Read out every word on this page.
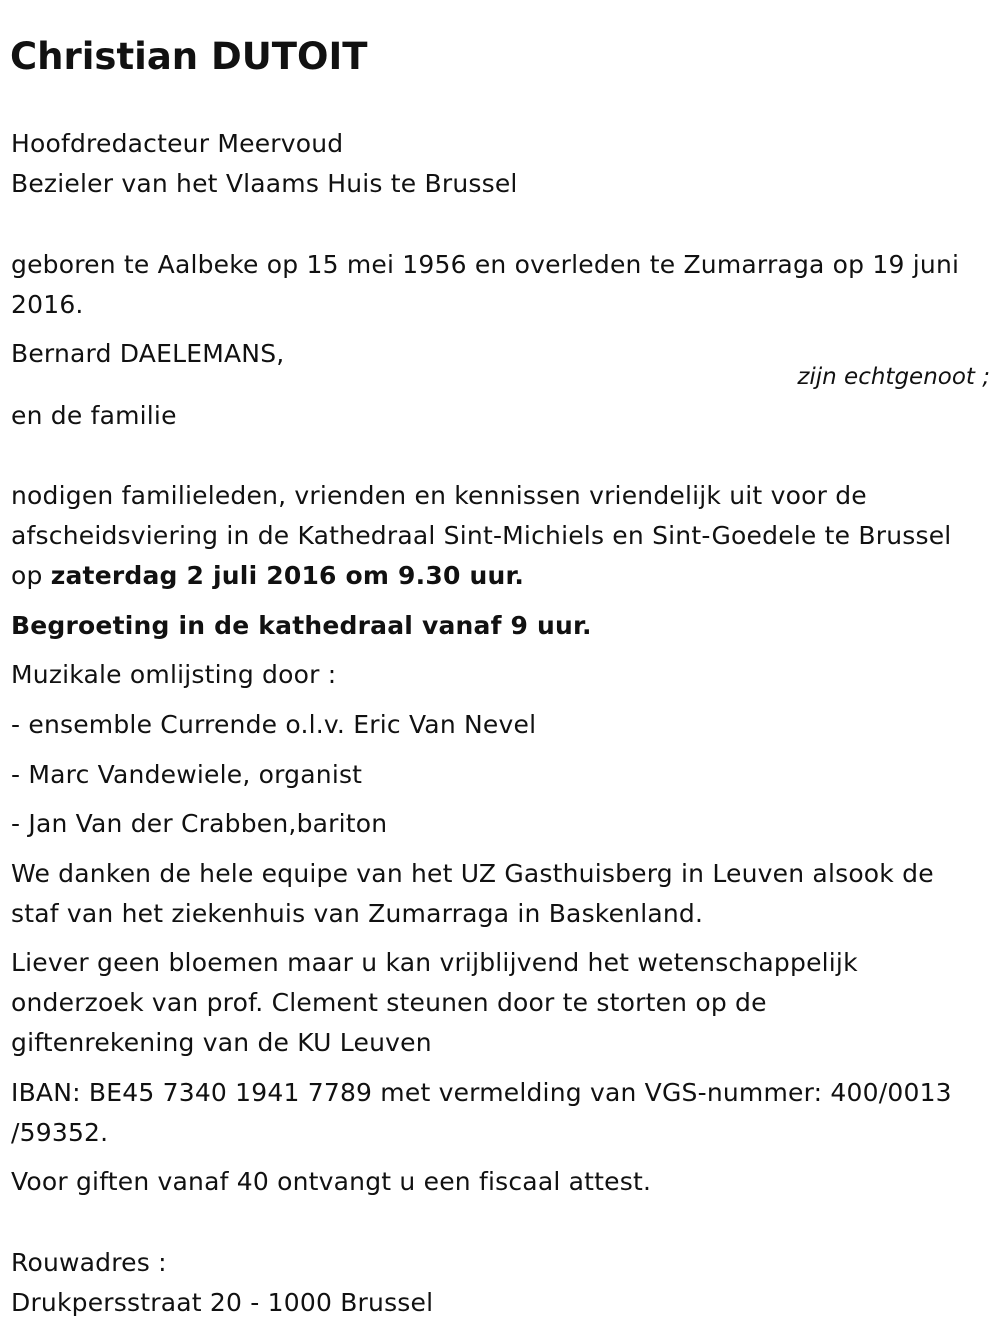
Christian DUTOIT
Hoofdredacteur Meervoud
Bezieler van het Vlaams Huis te Brussel
geboren te Aalbeke op 15 mei 1956 en overleden te Zumarraga op 19 juni
2016.
Bernard DAELEMANS,
zijn echtgenoot ;
en de familie
nodigen familieleden, vrienden en kennissen vriendelijk uit voor de
afscheidsviering in de Kathedraal Sint-Michiels en Sint-Goedele te Brussel
op zaterdag 2 juli 2016 om 9.30 uur.
Begroeting in de kathedraal vanaf 9 uur.
Muzikale omlijsting door :
- ensemble Currende o.l.v. Eric Van Nevel
- Marc Vandewiele, organist
- Jan Van der Crabben,bariton
We danken de hele equipe van het UZ Gasthuisberg in Leuven alsook de
staf van het ziekenhuis van Zumarraga in Baskenland.
Liever geen bloemen maar u kan vrijblijvend het wetenschappelijk
onderzoek van prof. Clement steunen door te storten op de
giftenrekening van de KU Leuven
IBAN: BE45 7340 1941 7789 met vermelding van VGS-nummer: 400/0013
/59352.
Voor giften vanaf 40 ontvangt u een fiscaal attest.
Rouwadres :
Drukpersstraat 20 - 1000 Brussel
